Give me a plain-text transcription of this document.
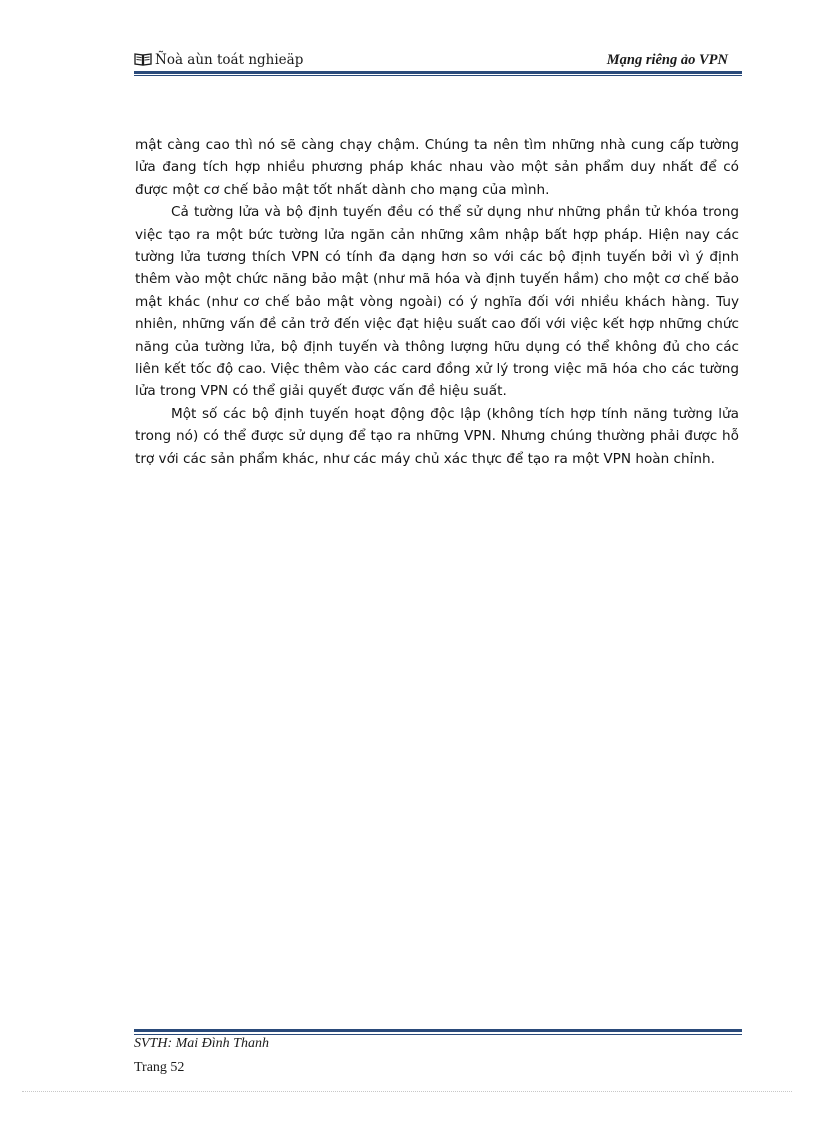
Ñoà aùn toát nghieäp	Mạng riêng ảo VPN

mật càng cao thì nó sẽ càng chạy chậm. Chúng ta nên tìm những nhà cung cấp tường lửa đang tích hợp nhiều phương pháp khác nhau vào một sản phẩm duy nhất để có được một cơ chế bảo mật tốt nhất dành cho mạng của mình.

Cả tường lửa và bộ định tuyến đều có thể sử dụng như những phần tử khóa trong việc tạo ra một bức tường lửa ngăn cản những xâm nhập bất hợp pháp. Hiện nay các tường lửa tương thích VPN có tính đa dạng hơn so với các bộ định tuyến bởi vì ý định thêm vào một chức năng bảo mật (như mã hóa và định tuyến hầm) cho một cơ chế bảo mật khác (như cơ chế bảo mật vòng ngoài) có ý nghĩa đối với nhiều khách hàng. Tuy nhiên, những vấn đề cản trở đến việc đạt hiệu suất cao đối với việc kết hợp những chức năng của tường lửa, bộ định tuyến và thông lượng hữu dụng có thể không đủ cho các liên kết tốc độ cao. Việc thêm vào các card đồng xử lý trong việc mã hóa cho các tường lửa trong VPN có thể giải quyết được vấn đề hiệu suất.

Một số các bộ định tuyến hoạt động độc lập (không tích hợp tính năng tường lửa trong nó) có thể được sử dụng để tạo ra những VPN. Nhưng chúng thường phải được hỗ trợ với các sản phẩm khác, như các máy chủ xác thực để tạo ra một VPN hoàn chỉnh.

SVTH: Mai Đình Thanh
Trang 52
